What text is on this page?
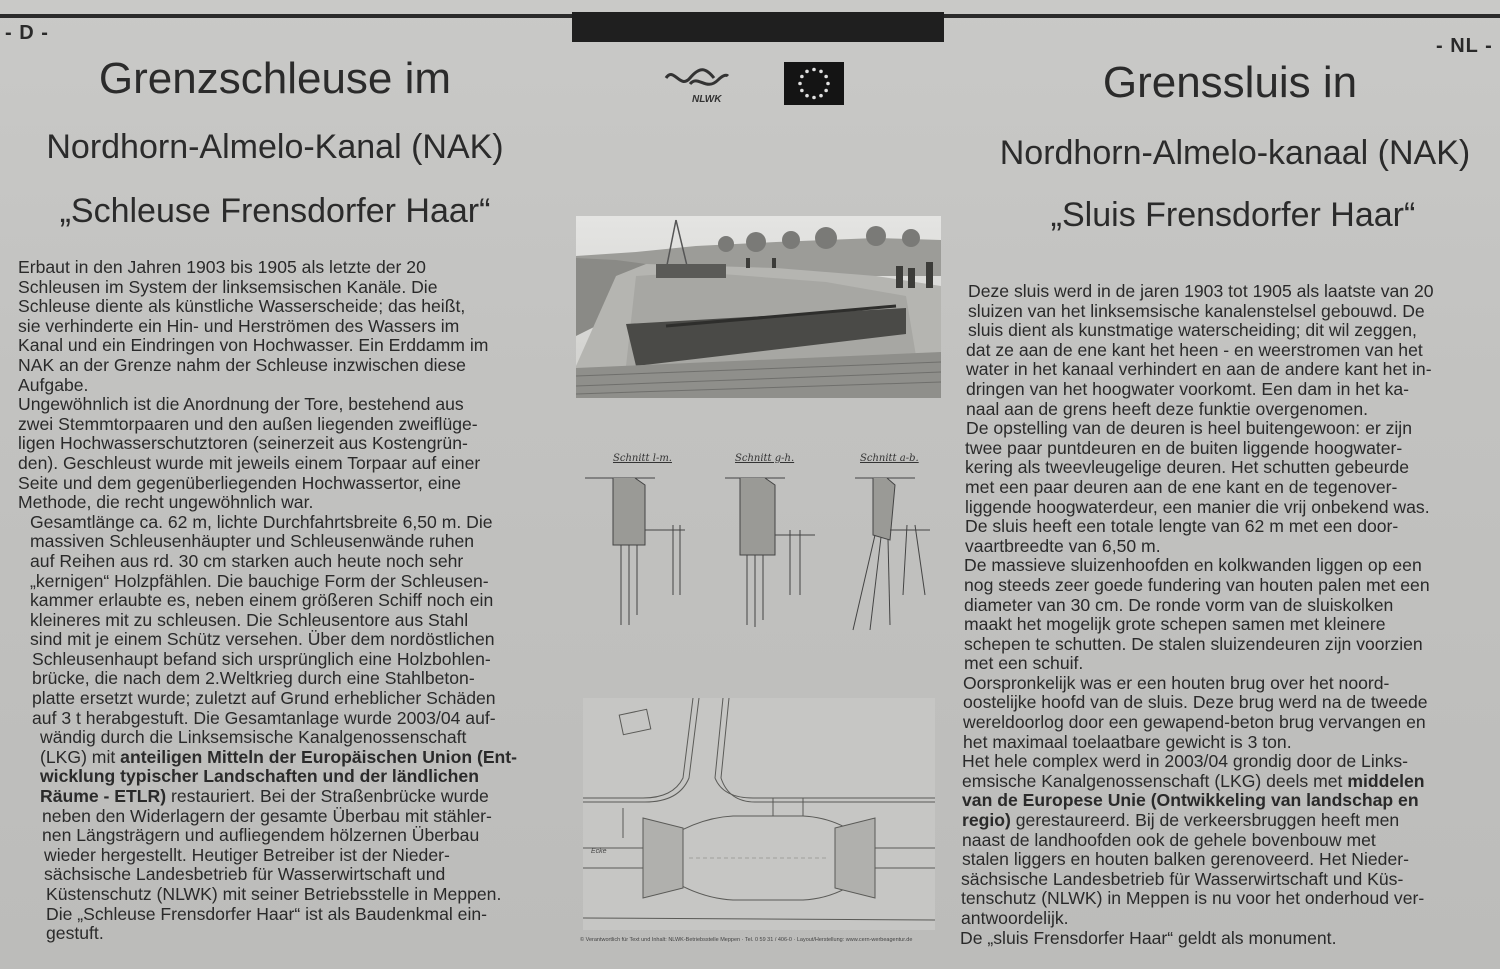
- D -
Grenzschleuse im
Nordhorn-Almelo-Kanal (NAK)
„Schleuse Frensdorfer Haar“

Erbaut in den Jahren 1903 bis 1905 als letzte der 20

Schleusen im System der linksemsischen Kanäle. Die

Schleuse diente als künstliche Wasserscheide; das heißt,

sie verhinderte ein Hin- und Herströmen des Wassers im

Kanal und ein Eindringen von Hochwasser. Ein Erddamm im

NAK an der Grenze nahm der Schleuse inzwischen diese

Aufgabe.

Ungewöhnlich ist die Anordnung der Tore, bestehend aus

zwei Stemmtorpaaren und den außen liegenden zweiflüge-

ligen Hochwasserschutztoren (seinerzeit aus Kostengrün-

den). Geschleust wurde mit jeweils einem Torpaar auf einer

Seite und dem gegenüberliegenden Hochwassertor, eine

Methode, die recht ungewöhnlich war.

Gesamtlänge ca. 62 m, lichte Durchfahrtsbreite 6,50 m. Die

massiven Schleusenhäupter und Schleusenwände ruhen

auf Reihen aus rd. 30 cm starken auch heute noch sehr

„kernigen“ Holzpfählen. Die bauchige Form der Schleusen-

kammer erlaubte es, neben einem größeren Schiff noch ein

kleineres mit zu schleusen. Die Schleusentore aus Stahl

sind mit je einem Schütz versehen. Über dem nordöstlichen

Schleusenhaupt befand sich ursprünglich eine Holzbohlen-

brücke, die nach dem 2.Weltkrieg durch eine Stahlbeton-

platte ersetzt wurde; zuletzt auf Grund erheblicher Schäden

auf 3 t herabgestuft. Die Gesamtanlage wurde 2003/04 auf-

wändig durch die Linksemsische Kanalgenossenschaft

(LKG) mit anteiligen Mitteln der Europäischen Union (Ent-

wicklung typischer Landschaften und der ländlichen

Räume - ETLR) restauriert. Bei der Straßenbrücke wurde

neben den Widerlagern der gesamte Überbau mit stähler-

nen Längsträgern und aufliegendem hölzernen Überbau

wieder hergestellt. Heutiger Betreiber ist der Nieder-

sächsische Landesbetrieb für Wasserwirtschaft und

Küstenschutz (NLWK) mit seiner Betriebsstelle in Meppen.

Die „Schleuse Frensdorfer Haar“ ist als Baudenkmal ein-

gestuft.

NLWK
Schnitt l-m.	Schnitt g-h.	Schnitt a-b.
Ecke
© Verantwortlich für Text und Inhalt: NLWK-Betriebsstelle Meppen · Tel. 0 59 31 / 406-0 · Layout/Herstellung: www.cern-werbeagentur.de
- NL -
Grenssluis in
Nordhorn-Almelo-kanaal (NAK)
„Sluis Frensdorfer Haar“

Deze sluis werd in de jaren 1903 tot 1905 als laatste van 20

sluizen van het linksemsische kanalenstelsel gebouwd. De

sluis dient als kunstmatige waterscheiding; dit wil zeggen,

dat ze aan de ene kant het heen - en weerstromen van het

water in het kanaal verhindert en aan de andere kant het in-

dringen van het hoogwater voorkomt. Een dam in het ka-

naal aan de grens heeft deze funktie overgenomen.

De opstelling van de deuren is heel buitengewoon: er zijn

twee paar puntdeuren en de buiten liggende hoogwater-

kering als tweevleugelige deuren. Het schutten gebeurde

met een paar deuren aan de ene kant en de tegenover-

liggende hoogwaterdeur, een manier die vrij onbekend was.

De sluis heeft een totale lengte van 62 m met een door-

vaartbreedte van 6,50 m.

De massieve sluizenhoofden en kolkwanden liggen op een

nog steeds zeer goede fundering van houten palen met een

diameter van 30 cm. De ronde vorm van de sluiskolken

maakt het mogelijk grote schepen samen met kleinere

schepen te schutten. De stalen sluizendeuren zijn voorzien

met een schuif.

Oorspronkelijk was er een houten brug over het noord-

oostelijke hoofd van de sluis. Deze brug werd na de tweede

wereldoorlog door een gewapend-beton brug vervangen en

het maximaal toelaatbare gewicht is 3 ton.

Het hele complex werd in 2003/04 grondig door de Links-

emsische Kanalgenossenschaft (LKG) deels met middelen

van de Europese Unie (Ontwikkeling van landschap en

regio) gerestaureerd. Bij de verkeersbruggen heeft men

naast de landhoofden ook de gehele bovenbouw met

stalen liggers en houten balken gerenoveerd. Het Nieder-

sächsische Landesbetrieb für Wasserwirtschaft und Küs-

tenschutz (NLWK) in Meppen is nu voor het onderhoud ver-

antwoordelijk.

De „sluis Frensdorfer Haar“ geldt als monument.
